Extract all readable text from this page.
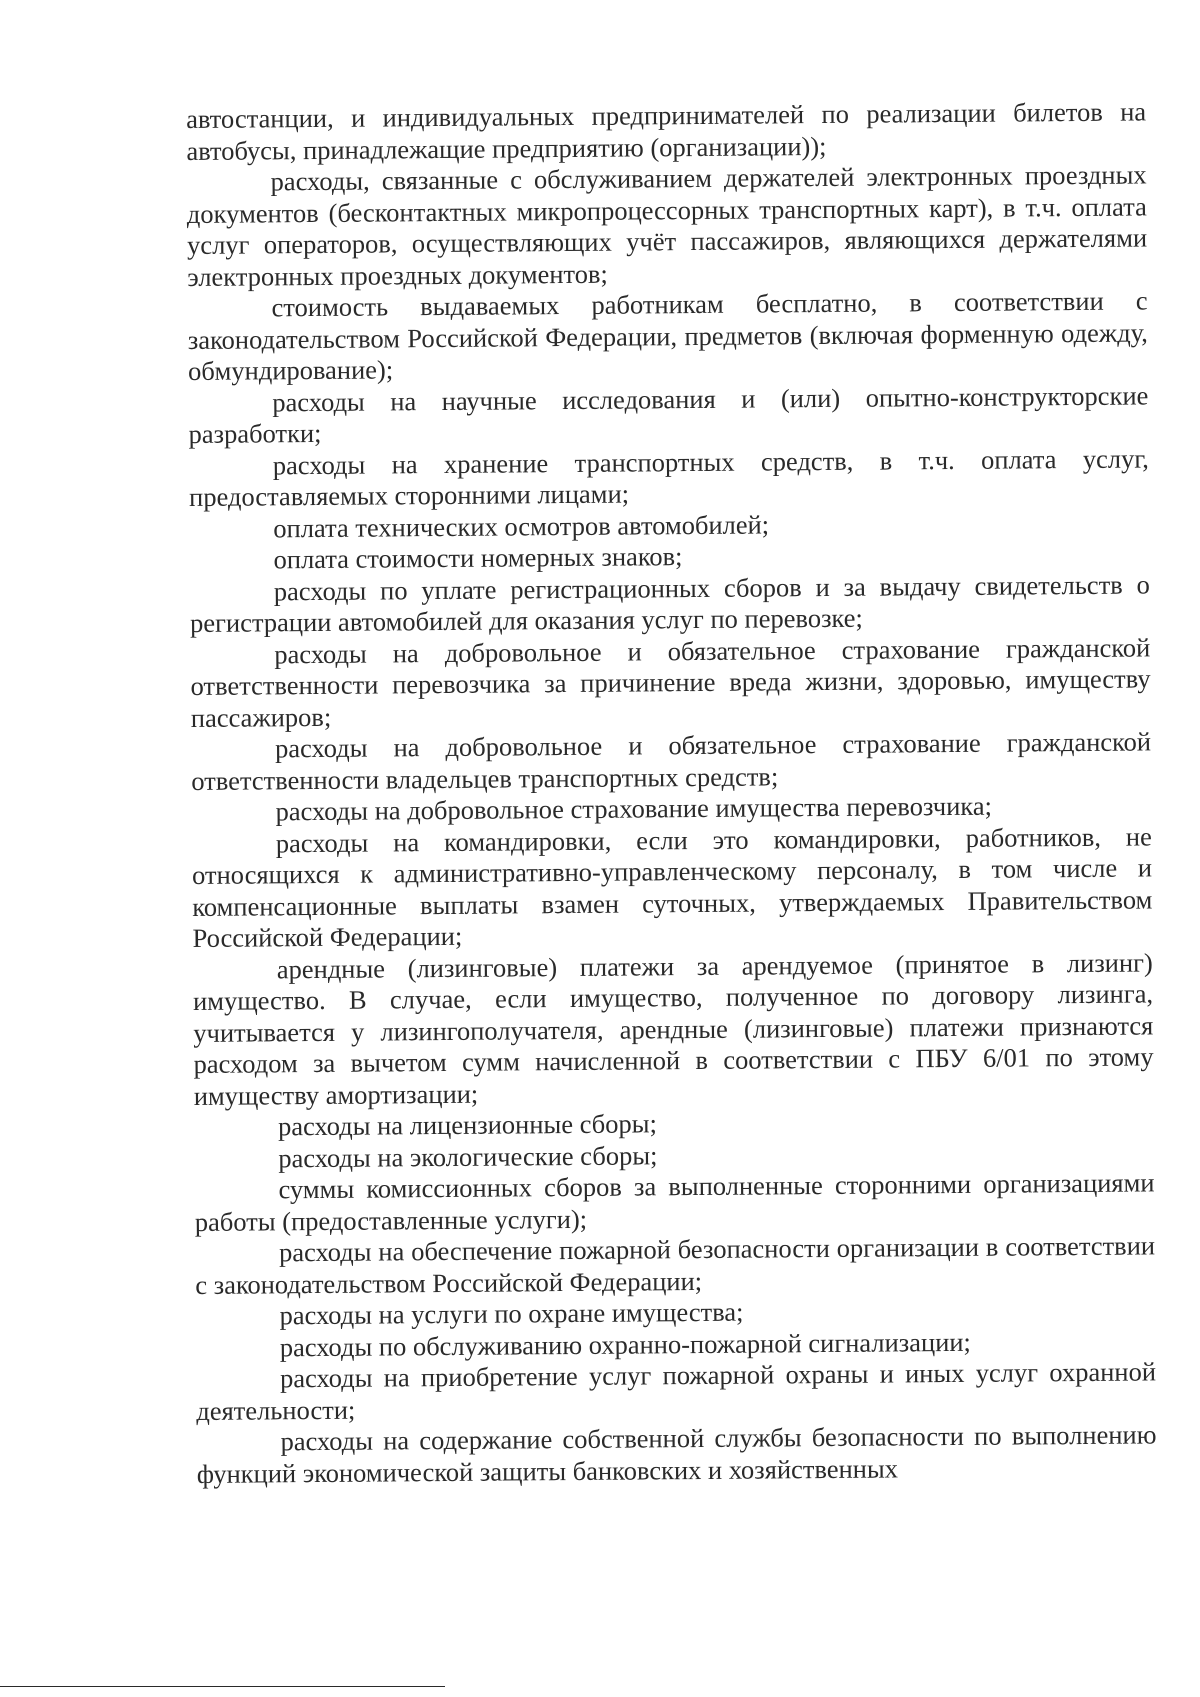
автостанции, и индивидуальных предпринимателей по реализации билетов на автобусы, принадлежащие предприятию (организации));

расходы, связанные с обслуживанием держателей электронных проездных документов (бесконтактных микропроцессорных транспортных карт), в т.ч. оплата услуг операторов, осуществляющих учёт пассажиров, являющихся держателями электронных проездных документов;

стоимость выдаваемых работникам бесплатно, в соответствии с законодательством Российской Федерации, предметов (включая форменную одежду, обмундирование);

расходы на научные исследования и (или) опытно-конструкторские разработки;

расходы на хранение транспортных средств, в т.ч. оплата услуг, предоставляемых сторонними лицами;

оплата технических осмотров автомобилей;

оплата стоимости номерных знаков;

расходы по уплате регистрационных сборов и за выдачу свидетельств о регистрации автомобилей для оказания услуг по перевозке;

расходы на добровольное и обязательное страхование гражданской ответственности перевозчика за причинение вреда жизни, здоровью, имуществу пассажиров;

расходы на добровольное и обязательное страхование гражданской ответственности владельцев транспортных средств;

расходы на добровольное страхование имущества перевозчика;

расходы на командировки, если это командировки, работников, не относящихся к административно-управленческому персоналу, в том числе и компенсационные выплаты взамен суточных, утверждаемых Правительством Российской Федерации;

арендные (лизинговые) платежи за арендуемое (принятое в лизинг) имущество. В случае, если имущество, полученное по договору лизинга, учитывается у лизингополучателя, арендные (лизинговые) платежи признаются расходом за вычетом сумм начисленной в соответствии с ПБУ 6/01 по этому имуществу амортизации;

расходы на лицензионные сборы;

расходы на экологические сборы;

суммы комиссионных сборов за выполненные сторонними организациями работы (предоставленные услуги);

расходы на обеспечение пожарной безопасности организации в соответствии с законодательством Российской Федерации;

расходы на услуги по охране имущества;

расходы по обслуживанию охранно-пожарной сигнализации;

расходы на приобретение услуг пожарной охраны и иных услуг охранной деятельности;

расходы на содержание собственной службы безопасности по выполнению функций экономической защиты банковских и хозяйственных
